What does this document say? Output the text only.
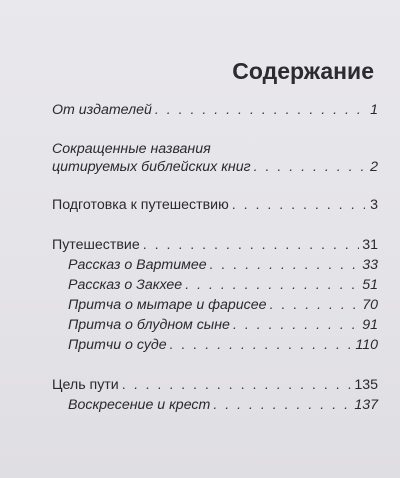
Содержание
От издателей . . .	1
Сокращенные названия
цитируемых библейских книг . . .	2
Подготовка к путешествию . . .	3
Путешествие . . .	31
Рассказ о Вартимее . . .	33
Рассказ о Закхее . . .	51
Притча о мытаре и фарисее . . .	70
Притча о блудном сыне . . .	91
Притчи о суде . . .	110
Цель пути . . .	135
Воскресение и крест . . .	137
